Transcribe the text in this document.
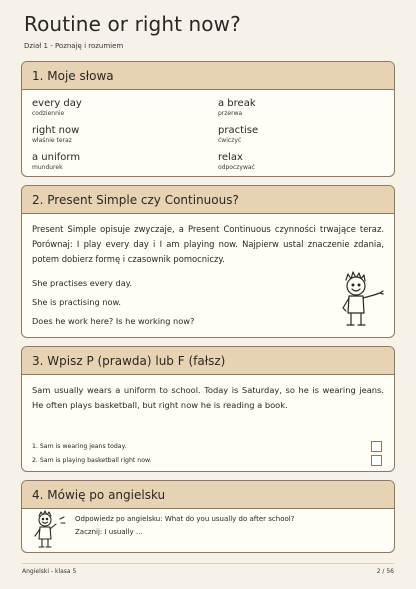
Routine or right now?
Dział 1 - Poznaję i rozumiem
1. Moje słowa
every day
codziennie
a break
przerwa
right now
właśnie teraz
practise
ćwiczyć
a uniform
mundurek
relax
odpoczywać
2. Present Simple czy Continuous?
Present Simple opisuje zwyczaje, a Present Continuous czynności trwające teraz. Porównaj: I play every day i I am playing now. Najpierw ustal znaczenie zdania, potem dobierz formę i czasownik pomocniczy.
She practises every day.
She is practising now.
Does he work here? Is he working now?
3. Wpisz P (prawda) lub F (fałsz)
Sam usually wears a uniform to school. Today is Saturday, so he is wearing jeans. He often plays basketball, but right now he is reading a book.
1. Sam is wearing jeans today.
2. Sam is playing basketball right now.
4. Mówię po angielsku
Odpowiedz po angielsku: What do you usually do after school?
Zacznij: I usually ...
Angielski - klasa 5	2 / 56
